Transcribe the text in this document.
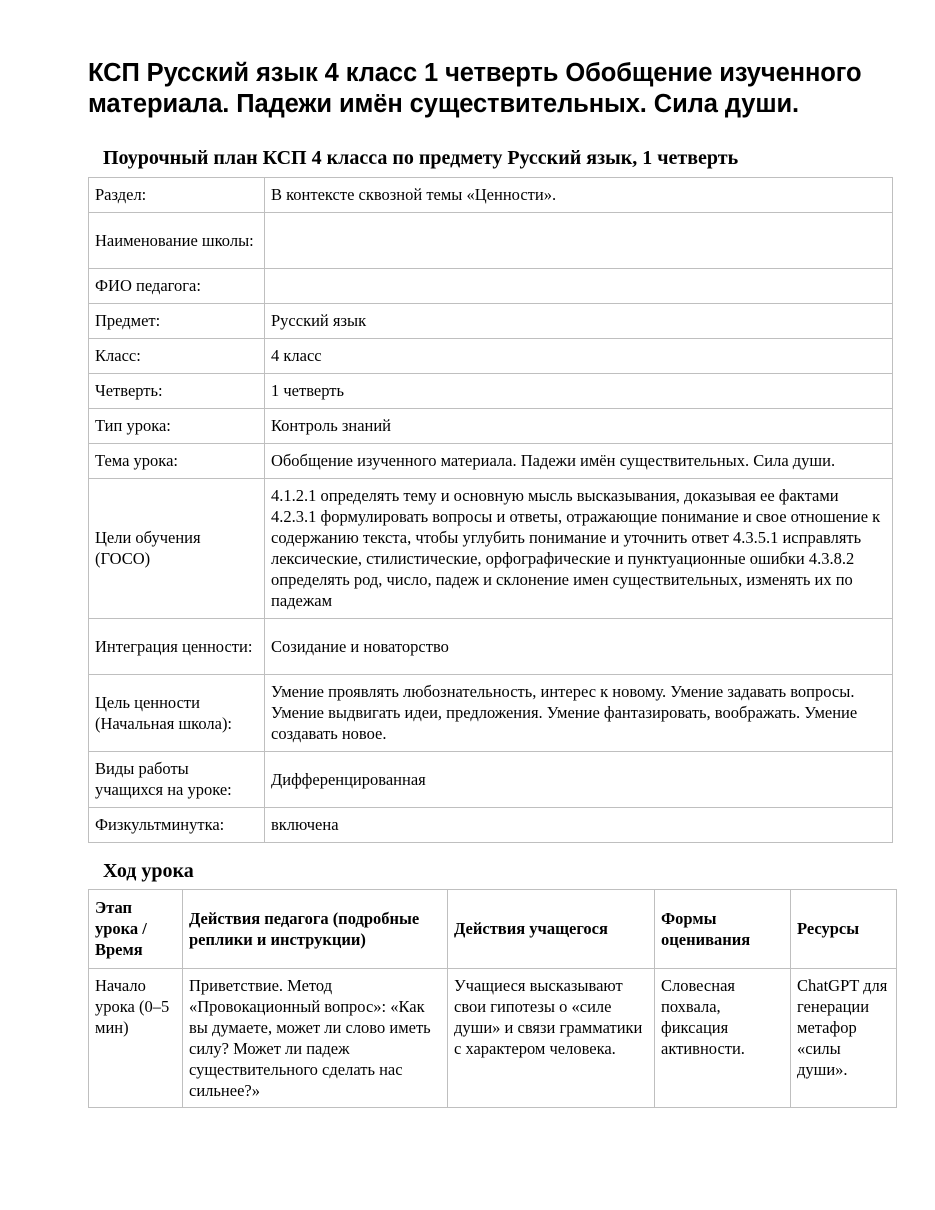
КСП Русский язык 4 класс 1 четверть Обобщение изученного материала. Падежи имён существительных. Сила души.
Поурочный план КСП 4 класса по предмету Русский язык, 1 четверть
Раздел:	В контексте сквозной темы «Ценности».
Наименование школы:	
ФИО педагога:	
Предмет:	Русский язык
Класс:	4 класс
Четверть:	1 четверть
Тип урока:	Контроль знаний
Тема урока:	Обобщение изученного материала. Падежи имён существительных. Сила души.
Цели обучения (ГОСО)	4.1.2.1 определять тему и основную мысль высказывания, доказывая ее фактами 4.2.3.1 формулировать вопросы и ответы, отражающие понимание и свое отношение к содержанию текста, чтобы углубить понимание и уточнить ответ 4.3.5.1 исправлять лексические, стилистические, орфографические и пунктуационные ошибки 4.3.8.2 определять род, число, падеж и склонение имен существительных, изменять их по падежам
Интеграция ценности:	Созидание и новаторство
Цель ценности (Начальная школа):	Умение проявлять любознательность, интерес к новому. Умение задавать вопросы. Умение выдвигать идеи, предложения. Умение фантазировать, воображать. Умение создавать новое.
Виды работы учащихся на уроке:	Дифференцированная
Физкультминутка:	включена
Ход урока
Этап урока / Время	Действия педагога (подробные реплики и инструкции)	Действия учащегося	Формы оценивания	Ресурсы
Начало урока (0–5 мин)	Приветствие. Метод «Провокационный вопрос»: «Как вы думаете, может ли слово иметь силу? Может ли падеж существительного сделать нас сильнее?»	Учащиеся высказывают свои гипотезы о «силе души» и связи грамматики с характером человека.	Словесная похвала, фиксация активности.	ChatGPT для генерации метафор «силы души».
